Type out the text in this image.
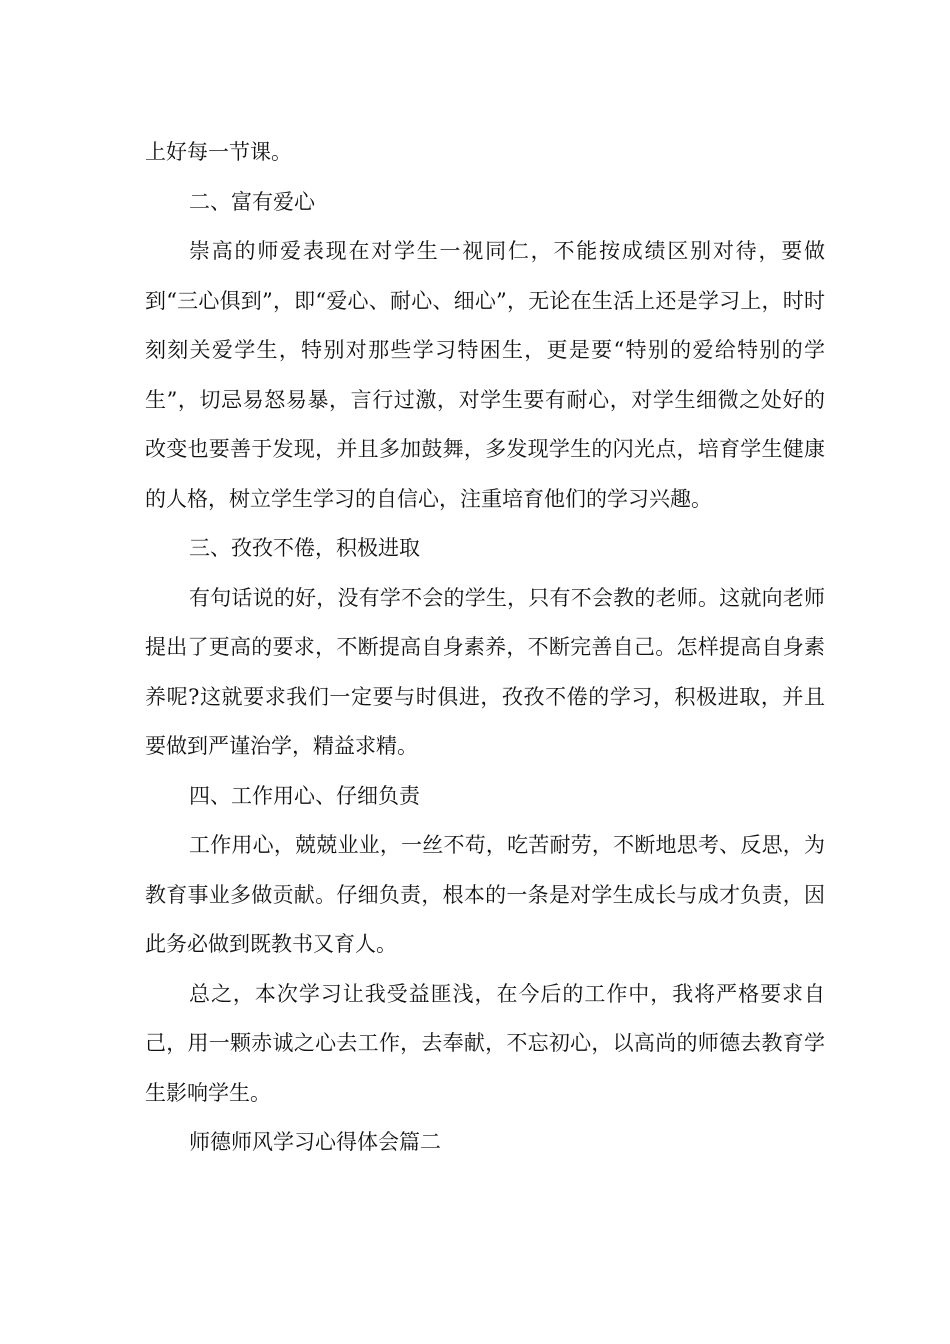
上好每一节课。

二、富有爱心

崇高的师爱表现在对学生一视同仁，不能按成绩区别对待，要做到“三心俱到”，即“爱心、耐心、细心”，无论在生活上还是学习上，时时刻刻关爱学生，特别对那些学习特困生，更是要“特别的爱给特别的学生”，切忌易怒易暴，言行过激，对学生要有耐心，对学生细微之处好的改变也要善于发现，并且多加鼓舞，多发现学生的闪光点，培育学生健康的人格，树立学生学习的自信心，注重培育他们的学习兴趣。

三、孜孜不倦，积极进取

有句话说的好，没有学不会的学生，只有不会教的老师。这就向老师提出了更高的要求，不断提高自身素养，不断完善自己。怎样提高自身素养呢?这就要求我们一定要与时俱进，孜孜不倦的学习，积极进取，并且要做到严谨治学，精益求精。

四、工作用心、仔细负责

工作用心，兢兢业业，一丝不苟，吃苦耐劳，不断地思考、反思，为教育事业多做贡献。仔细负责，根本的一条是对学生成长与成才负责，因此务必做到既教书又育人。

总之，本次学习让我受益匪浅，在今后的工作中，我将严格要求自己，用一颗赤诚之心去工作，去奉献，不忘初心，以高尚的师德去教育学生影响学生。

师德师风学习心得体会篇二
